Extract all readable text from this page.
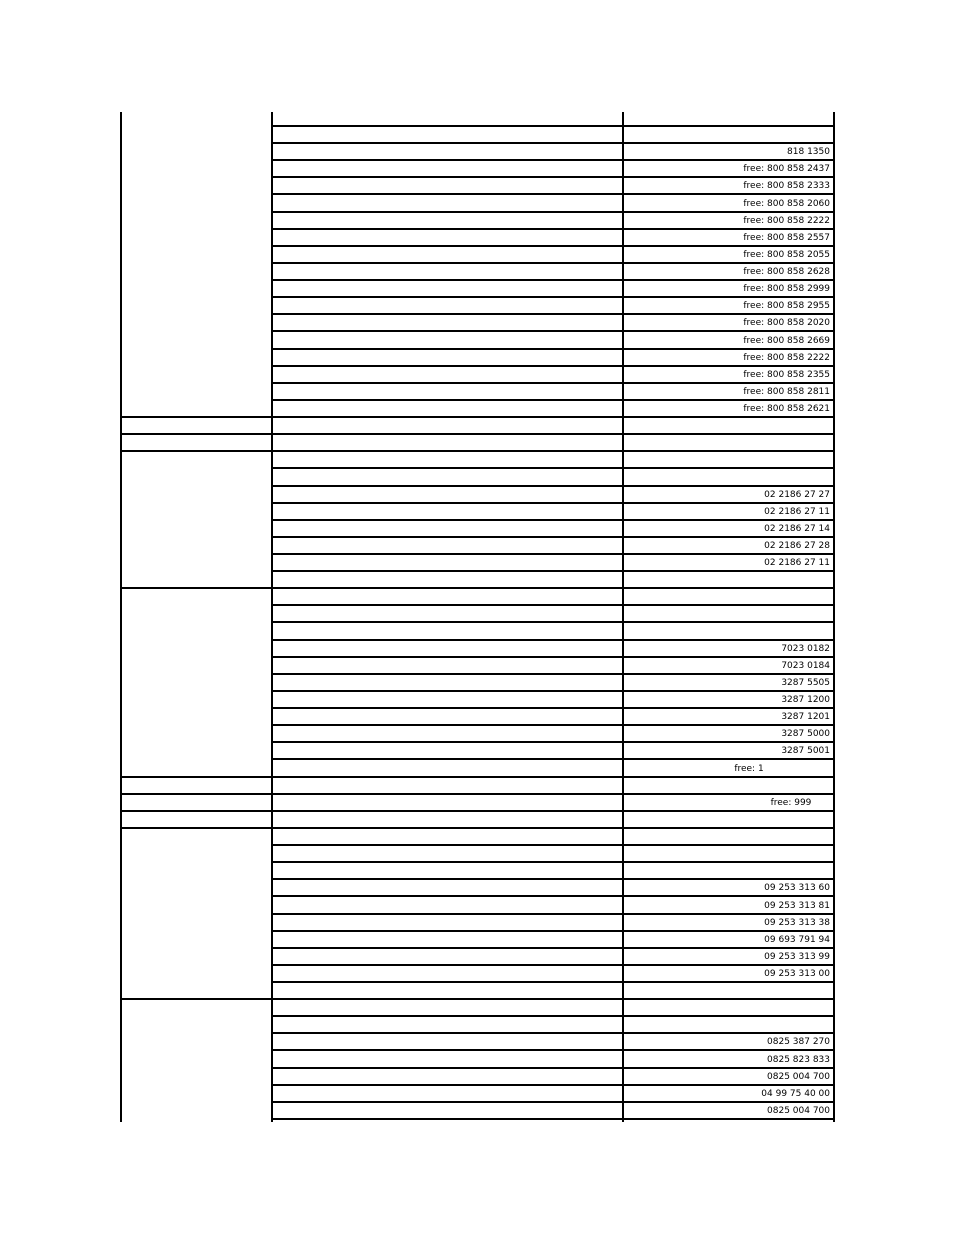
818 1350
free: 800 858 2437
free: 800 858 2333
free: 800 858 2060
free: 800 858 2222
free: 800 858 2557
free: 800 858 2055
free: 800 858 2628
free: 800 858 2999
free: 800 858 2955
free: 800 858 2020
free: 800 858 2669
free: 800 858 2222
free: 800 858 2355
free: 800 858 2811
free: 800 858 2621
02 2186 27 27
02 2186 27 11
02 2186 27 14
02 2186 27 28
02 2186 27 11
7023 0182
7023 0184
3287 5505
3287 1200
3287 1201
3287 5000
3287 5001
free: 1
free: 999
09 253 313 60
09 253 313 81
09 253 313 38
09 693 791 94
09 253 313 99
09 253 313 00
0825 387 270
0825 823 833
0825 004 700
04 99 75 40 00
0825 004 700
